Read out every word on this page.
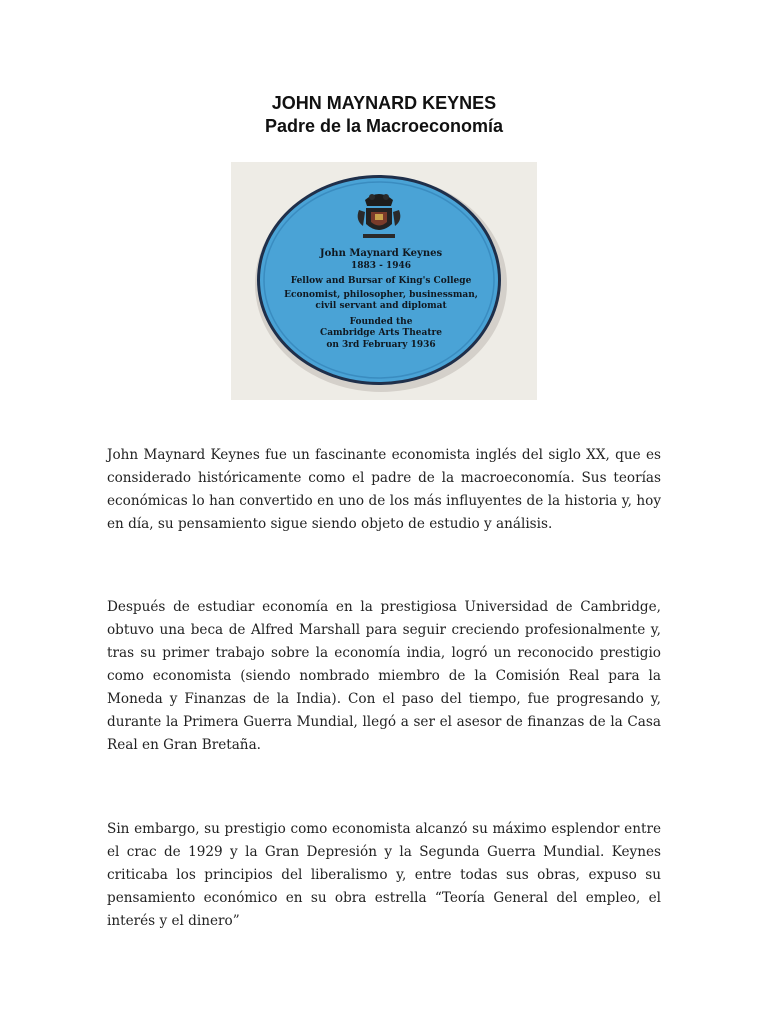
JOHN MAYNARD KEYNES
Padre de la Macroeconomía
John Maynard Keynes
1883 - 1946
Fellow and Bursar of King's College
Economist, philosopher, businessman,
civil servant and diplomat
Founded the
Cambridge Arts Theatre
on 3rd February 1936

John Maynard Keynes fue un fascinante economista inglés del siglo XX, que es considerado históricamente como el padre de la macroeconomía. Sus teorías económicas lo han convertido en uno de los más influyentes de la historia y, hoy en día, su pensamiento sigue siendo objeto de estudio y análisis.

Después de estudiar economía en la prestigiosa Universidad de Cambridge, obtuvo una beca de Alfred Marshall para seguir creciendo profesionalmente y, tras su primer trabajo sobre la economía india, logró un reconocido prestigio como economista (siendo nombrado miembro de la Comisión Real para la Moneda y Finanzas de la India). Con el paso del tiempo, fue progresando y, durante la Primera Guerra Mundial, llegó a ser el asesor de finanzas de la Casa Real en Gran Bretaña.

Sin embargo, su prestigio como economista alcanzó su máximo esplendor entre el crac de 1929 y la Gran Depresión y la Segunda Guerra Mundial. Keynes criticaba los principios del liberalismo y, entre todas sus obras, expuso su pensamiento económico en su obra estrella “Teoría General del empleo, el interés y el dinero”
